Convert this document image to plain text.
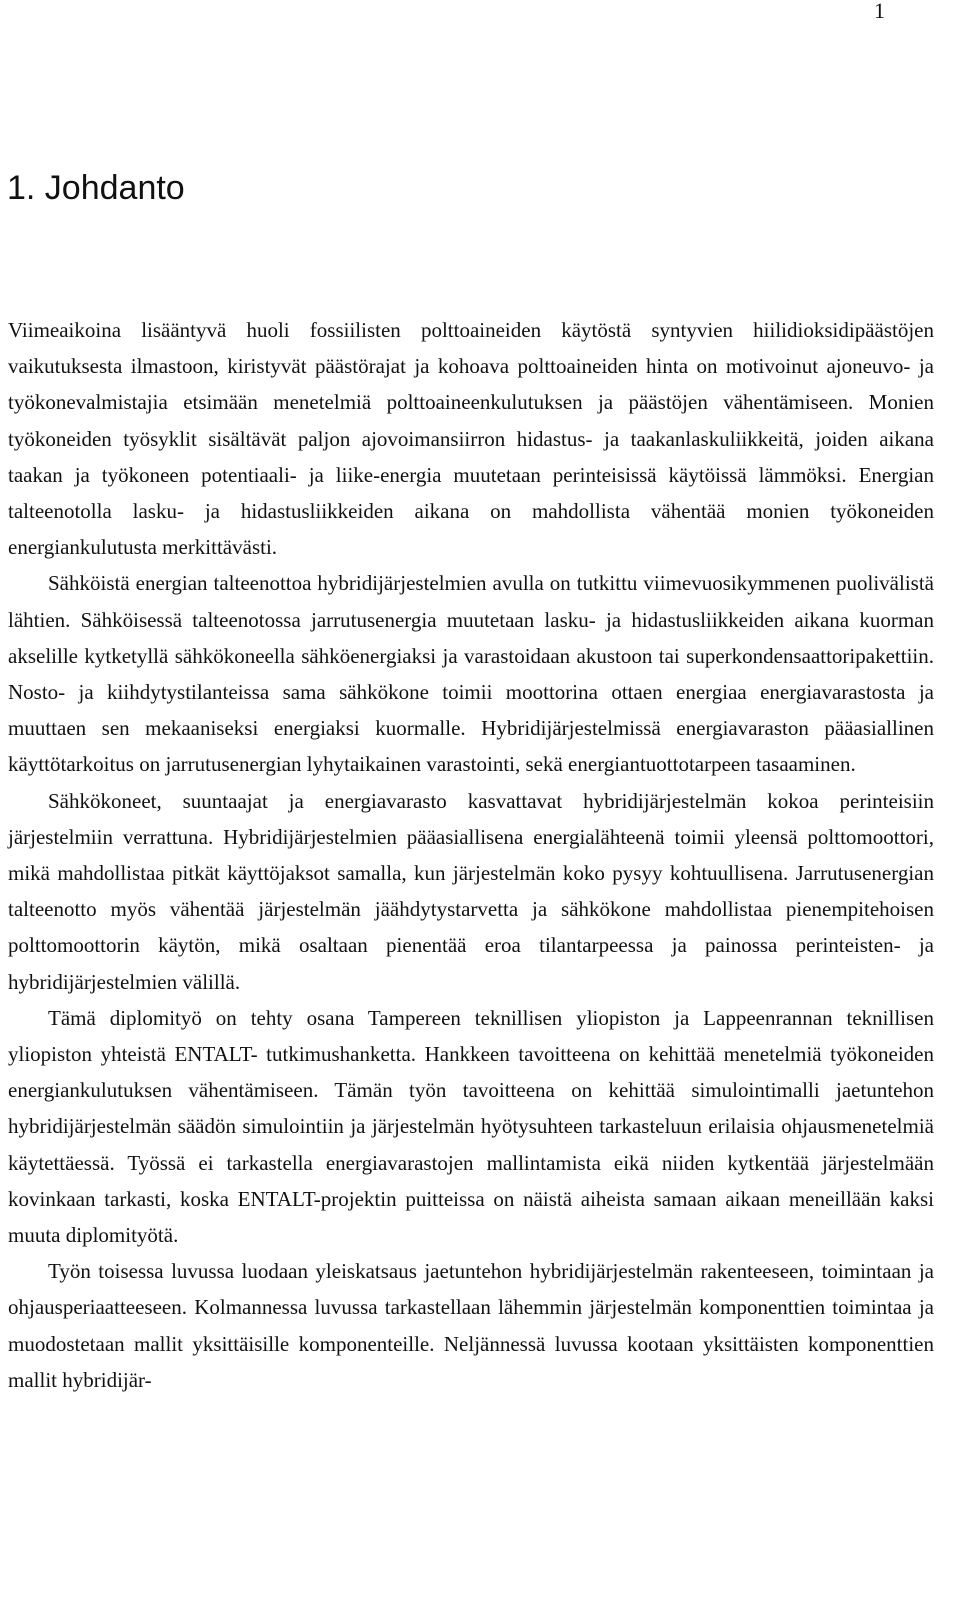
1
1. Johdanto

Viimeaikoina lisääntyvä huoli fossiilisten polttoaineiden käytöstä syntyvien hiilidioksidipäästöjen vaikutuksesta ilmastoon, kiristyvät päästörajat ja kohoava polttoaineiden hinta on motivoinut ajoneuvo- ja työkonevalmistajia etsimään menetelmiä polttoaineenkulutuksen ja päästöjen vähentämiseen. Monien työkoneiden työsyklit sisältävät paljon ajovoimansiirron hidastus- ja taakanlaskuliikkeitä, joiden aikana taakan ja työkoneen potentiaali- ja liike-energia muutetaan perinteisissä käytöissä lämmöksi. Energian talteenotolla lasku- ja hidastusliikkeiden aikana on mahdollista vähentää monien työkoneiden energiankulutusta merkittävästi.

Sähköistä energian talteenottoa hybridijärjestelmien avulla on tutkittu viimevuosikymmenen puolivälistä lähtien. Sähköisessä talteenotossa jarrutusenergia muutetaan lasku- ja hidastusliikkeiden aikana kuorman akselille kytketyllä sähkökoneella sähköenergiaksi ja varastoidaan akustoon tai superkondensaattoripakettiin. Nosto- ja kiihdytystilanteissa sama sähkökone toimii moottorina ottaen energiaa energiavarastosta ja muuttaen sen mekaaniseksi energiaksi kuormalle. Hybridijärjestelmissä energiavaraston pääasiallinen käyttötarkoitus on jarrutusenergian lyhytaikainen varastointi, sekä energiantuottotarpeen tasaaminen.

Sähkökoneet, suuntaajat ja energiavarasto kasvattavat hybridijärjestelmän kokoa perinteisiin järjestelmiin verrattuna. Hybridijärjestelmien pääasiallisena energialähteenä toimii yleensä polttomoottori, mikä mahdollistaa pitkät käyttöjaksot samalla, kun järjestelmän koko pysyy kohtuullisena. Jarrutusenergian talteenotto myös vähentää järjestelmän jäähdytystarvetta ja sähkökone mahdollistaa pienempitehoisen polttomoottorin käytön, mikä osaltaan pienentää eroa tilantarpeessa ja painossa perinteisten- ja hybridijärjestelmien välillä.

Tämä diplomityö on tehty osana Tampereen teknillisen yliopiston ja Lappeenrannan teknillisen yliopiston yhteistä ENTALT- tutkimushanketta. Hankkeen tavoitteena on kehittää menetelmiä työkoneiden energiankulutuksen vähentämiseen. Tämän työn tavoitteena on kehittää simulointimalli jaetuntehon hybridijärjestelmän säädön simulointiin ja järjestelmän hyötysuhteen tarkasteluun erilaisia ohjausmenetelmiä käytettäessä. Työssä ei tarkastella energiavarastojen mallintamista eikä niiden kytkentää järjestelmään kovinkaan tarkasti, koska ENTALT-projektin puitteissa on näistä aiheista samaan aikaan meneillään kaksi muuta diplomityötä.

Työn toisessa luvussa luodaan yleiskatsaus jaetuntehon hybridijärjestelmän rakenteeseen, toimintaan ja ohjausperiaatteeseen. Kolmannessa luvussa tarkastellaan lähemmin järjestelmän komponenttien toimintaa ja muodostetaan mallit yksittäisille komponenteille. Neljännessä luvussa kootaan yksittäisten komponenttien mallit hybridijär-
